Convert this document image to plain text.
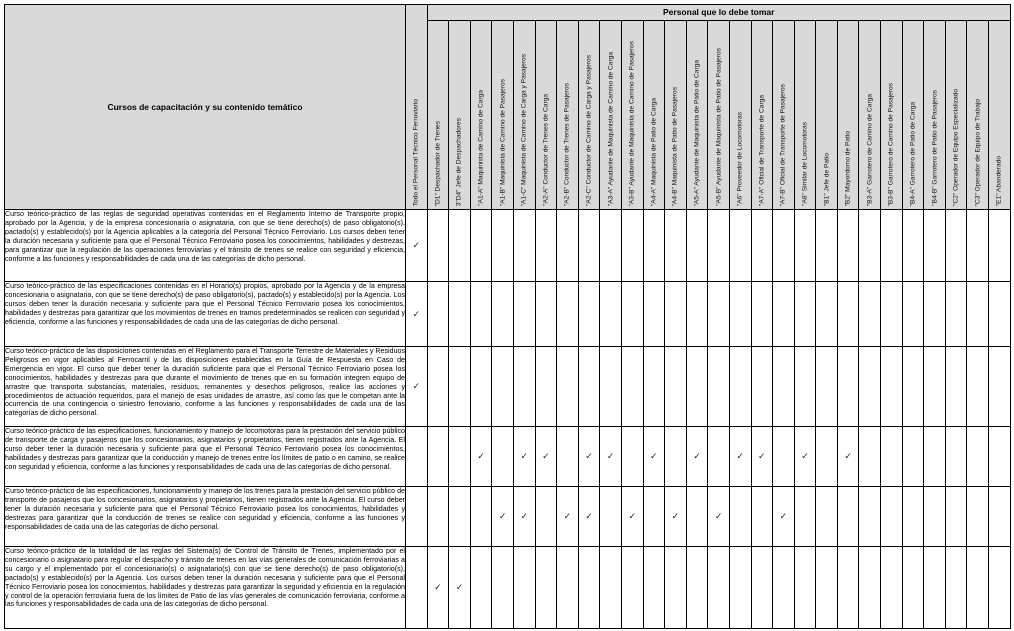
Cursos de capacitación y su contenido temático	Todo el Personal Técnico Ferroviario	Personal que lo debe tomar																										

		"D1" Despachador de Trenes	3"D4" Jefe de Despachadores	"A1-A" Maquinista de Camino de Carga	"A1-B" Maquinista de Camino de Pasajeros	"A1-C" Maquinista de Camino de Carga y Pasajeros	"A2-A" Conductor de Trenes de Carga	"A2-B" Conductor de Trenes de Pasajeros	"A2-C" Conductor de Camino de Carga y Pasajeros	"A3-A" Ayudante de Maquinista de Camino de Carga	"A3-B" Ayudante de Maquinista de Camino de Pasajeros	"A4-A" Maquinista de Patio de Carga	"A4-B" Maquinista de Patio de Pasajeros	"A5-A" Ayudante de Maquinista de Patio de Carga	"A5-B" Ayudante de Maquinista de Patio de Pasajeros	"A6" Proveedor de Locomotoras	"A7-A" Oficial de Transporte de Carga	"A7-B" Oficial de Transporte de Pasajeros	"A8" Similar de Locomotoras	"B1" Jefe de Patio	"B2" Mayordomo de Patio	"B3-A" Garrotero de Camino de Carga	"B3-B" Garrotero de Camino de Pasajeros	"B4-A" Garrotero de Patio de Carga	"B4-B" Garrotero de Patio de Pasajeros	"C2" Operador de Equipo Especializado	"C3" Operador de Equipo de Trabajo	"E1" Abanderado

Curso teórico-práctico de las reglas de seguridad operativas contenidas en el Reglamento Interno de Transporte propio, aprobado por la Agencia, y de la empresa concesionaria o asignataria, con que se tiene derecho(s) de paso obligatorio(s), pactado(s) y establecido(s) por la Agencia aplicables a la categoría del Personal Técnico Ferroviario. Los cursos deben tener la duración necesaria y suficiente para que el Personal Técnico Ferroviario posea los conocimientos, habilidades y destrezas, para garantizar que la regulación de las operaciones ferroviarias y el tránsito de trenes se realice con seguridad y eficiencia, conforme a las funciones y responsabilidades de cada una de las categorías de dicho personal.	✓																											
Curso teórico-práctico de las especificaciones contenidas en el Horario(s) propios, aprobado por la Agencia y de la empresa concesionaria o asignataria, con que se tiene derecho(s) de paso obligatorio(s), pactado(s) y establecido(s) por la Agencia. Los cursos deben tener la duración necesaria y suficiente para que el Personal Técnico Ferroviario posea los conocimientos, habilidades y destrezas para garantizar que los movimientos de trenes en tramos predeterminados se realicen con seguridad y eficiencia, conforme a las funciones y responsabilidades de cada una de las categorías de dicho personal.	✓																											
Curso teórico-práctico de las disposiciones contenidas en el Reglamento para el Transporte Terrestre de Materiales y Residuos Peligrosos en vigor aplicables al Ferrocarril y de las disposiciones establecidas en la Guía de Respuesta en Caso de Emergencia en vigor. El curso que deber tener la duración suficiente para que el Personal Técnico Ferroviario posea los conocimientos, habilidades y destrezas para que durante el movimiento de trenes que en su formación integren equipo de arrastre que transporta substancias, materiales, residuos, remanentes y desechos peligrosos, realice las acciones y procedimientos de actuación requeridos, para el manejo de esas unidades de arrastre, así como las que le competan ante la ocurrencia de una contingencia o siniestro ferroviario, conforme a las funciones y responsabilidades de cada una de las categorías de dicho personal.	✓																											
Curso teórico-práctico de las especificaciones, funcionamiento y manejo de locomotoras para la prestación del servicio público de transporte de carga y pasajeros que los concesionarios, asignatarios y propietarios, tienen registrados ante la Agencia. El curso deber tener la duración necesaria y suficiente para que el Personal Técnico Ferroviario posea los conocimientos, habilidades y destrezas para garantizar que la conducción y manejo de trenes entre los límites de patio o en camino, se realice con seguridad y eficiencia, conforme a las funciones y responsabilidades de cada una de las categorías de dicho personal.				✓		✓	✓		✓	✓		✓		✓		✓	✓		✓		✓							
Curso teórico-práctico de las especificaciones, funcionamiento y manejo de los trenes para la prestación del servicio público de transporte de pasajeros que los concesionarios, asignatarios y propietarios, tienen registrados ante la Agencia. El curso deber tener la duración necesaria y suficiente para que el Personal Técnico Ferroviario posea los conocimientos, habilidades y destrezas para garantizar que la conducción de trenes se realice con seguridad y eficiencia, conforme a las funciones y responsabilidades de cada una de las categorías de dicho personal.					✓	✓		✓	✓		✓		✓		✓			✓										
Curso teórico-práctico de la totalidad de las reglas del Sistema(s) de Control de Tránsito de Trenes, implementado por el concesionario o asignatario para regular el despacho y tránsito de trenes en las vías generales de comunicación ferroviarias a su cargo y el implementado por el concesionario(s) o asignatario(s) con que se tiene derecho(s) de paso obligatorio(s), pactado(s) y establecido(s) por la Agencia. Los cursos deben tener la duración necesaria y suficiente para que el Personal Técnico Ferroviario posea los conocimientos, habilidades y destrezas para garantizar la seguridad y eficiencia en la regulación y control de la operación ferroviaria fuera de los límites de Patio de las vías generales de comunicación ferroviaria, conforme a las funciones y responsabilidades de cada una de las categorías de dicho personal.		✓	✓																									
